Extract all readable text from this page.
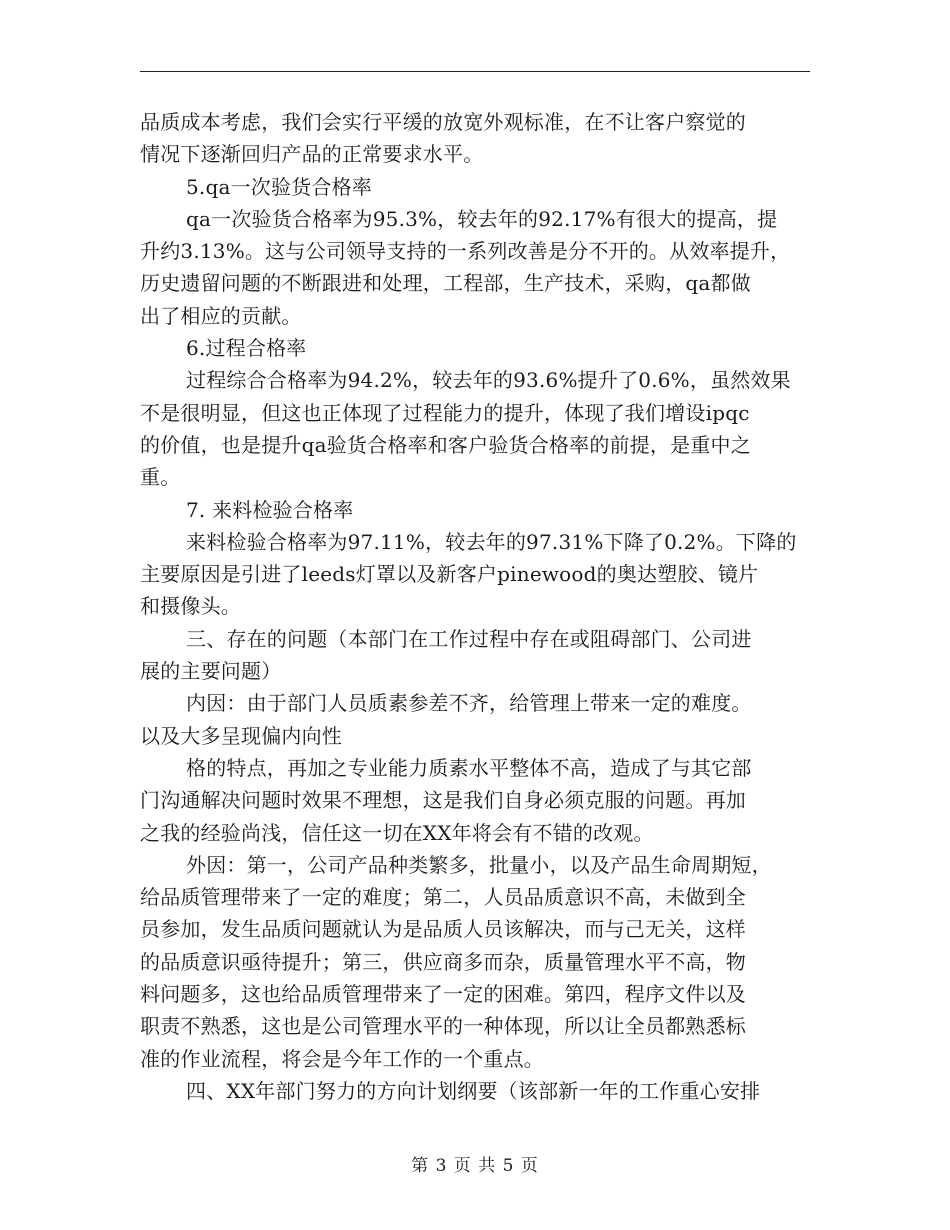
品质成本考虑，我们会实行平缓的放宽外观标准，在不让客户察觉的
情况下逐渐回归产品的正常要求水平。
5.qa一次验货合格率
qa一次验货合格率为95.3%，较去年的92.17%有很大的提高，提
升约3.13%。这与公司领导支持的一系列改善是分不开的。从效率提升，
历史遗留问题的不断跟进和处理，工程部，生产技术，采购，qa都做
出了相应的贡献。
6.过程合格率
过程综合合格率为94.2%，较去年的93.6%提升了0.6%，虽然效果
不是很明显，但这也正体现了过程能力的提升，体现了我们增设ipqc
的价值，也是提升qa验货合格率和客户验货合格率的前提，是重中之
重。
7. 来料检验合格率
来料检验合格率为97.11%，较去年的97.31%下降了0.2%。下降的
主要原因是引进了leeds灯罩以及新客户pinewood的奥达塑胶、镜片
和摄像头。
三、存在的问题（本部门在工作过程中存在或阻碍部门、公司进
展的主要问题）
内因：由于部门人员质素参差不齐，给管理上带来一定的难度。
以及大多呈现偏内向性
格的特点，再加之专业能力质素水平整体不高，造成了与其它部
门沟通解决问题时效果不理想，这是我们自身必须克服的问题。再加
之我的经验尚浅，信任这一切在XX年将会有不错的改观。
外因：第一，公司产品种类繁多，批量小，以及产品生命周期短，
给品质管理带来了一定的难度；第二，人员品质意识不高，未做到全
员参加，发生品质问题就认为是品质人员该解决，而与己无关，这样
的品质意识亟待提升；第三，供应商多而杂，质量管理水平不高，物
料问题多，这也给品质管理带来了一定的困难。第四，程序文件以及
职责不熟悉，这也是公司管理水平的一种体现，所以让全员都熟悉标
准的作业流程，将会是今年工作的一个重点。
四、XX年部门努力的方向计划纲要（该部新一年的工作重心安排
第 3 页 共 5 页
